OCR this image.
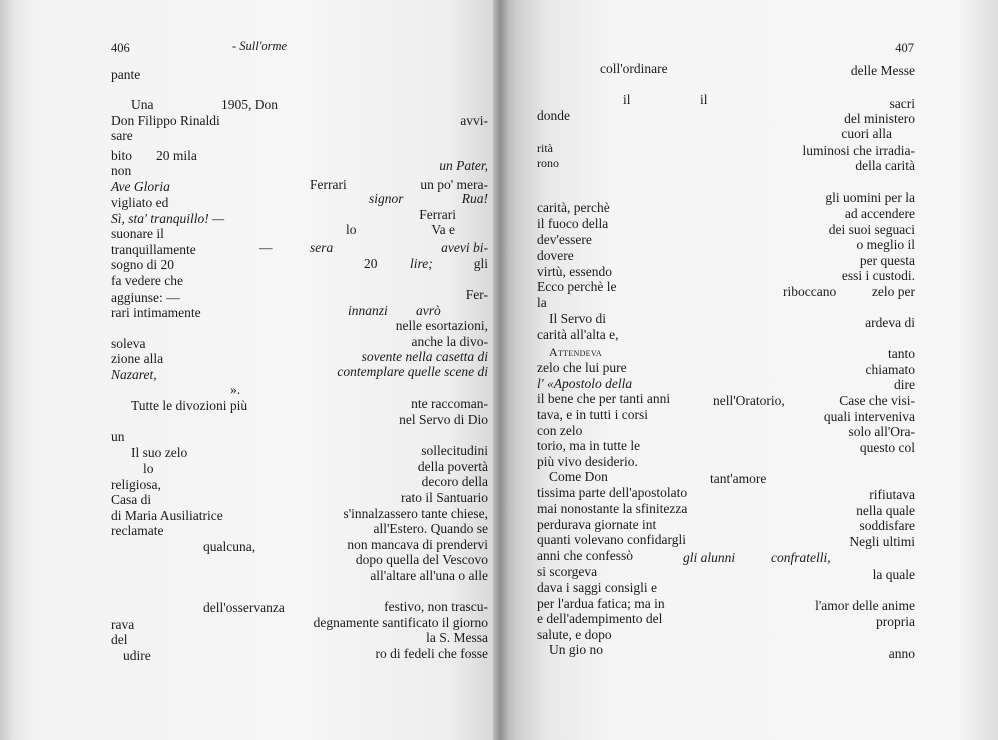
406	- Sull'orme
pante
Una	1905, Don
Don Filippo Rinaldi	avvi-
sare
bito 20 mila
non	un Pater,
Ave Gloria	Ferrari	un po' mera-
vigliato ed	signor	Rua!
Sì, sta' tranquillo! —	Ferrari
suonare il	lo	Va e
tranquillamente	—	sera	avevi bi-
sogno di 20	20 lire;	gli
fa vedere che
aggiunse: —	Fer-
rari intimamente	innanzi avrò
nelle esortazioni,
soleva	anche la divo-
zione alla	sovente nella casetta di
Nazaret,	contemplare quelle scene di
».
Tutte le divozioni più	nte raccoman-
nel Servo di Dio
un
Il suo zelo	sollecitudini
lo	della povertà
religiosa,	decoro della
Casa di	rato il Santuario
di Maria Ausiliatrice	s'innalzassero tante chiese,
reclamate	all'Estero. Quando se
qualcuna,	non mancava di prendervi
dopo quella del Vescovo
all'altare all'una o alle
dell'osservanza	festivo, non trascu-
rava	degnamente santificato il giorno
del	la S. Messa
udire	ro di fedeli che fosse
407
coll'ordinare	delle Messe
il	il	sacri
donde	del ministero
cuori alla
rità	luminosi che irradia-
rono	della carità
gli uomini per la
carità, perchè	ad accendere
il fuoco della	dei suoi seguaci
dev'essere	o meglio il
dovere	per questa
virtù, essendo	essi i custodi.
Ecco perchè le	riboccano	zelo per
la
Il Servo di	ardeva di
carità all'alta e,
Attendeva	tanto
zelo che lui pure	chiamato
l' «Apostolo della	dire
il bene che per tanti anni	nell'Oratorio,	Case che visi-
tava, e in tutti i corsi	quali interveniva
con zelo	solo all'Ora-
torio, ma in tutte le	questo col
più vivo desiderio.
Come Don	tant'amore
tissima parte dell'apostolato	rifiutava
mai nonostante la sfinitezza	nella quale
perdurava giornate int	soddisfare
quanti volevano confidargli	Negli ultimi
anni che confessò	gli alunni	confratelli,
si scorgeva	la quale
dava i saggi consigli e
per l'ardua fatica; ma in	l'amor delle anime
e dell'adempimento del	propria
salute, e dopo
Un gio no	anno
